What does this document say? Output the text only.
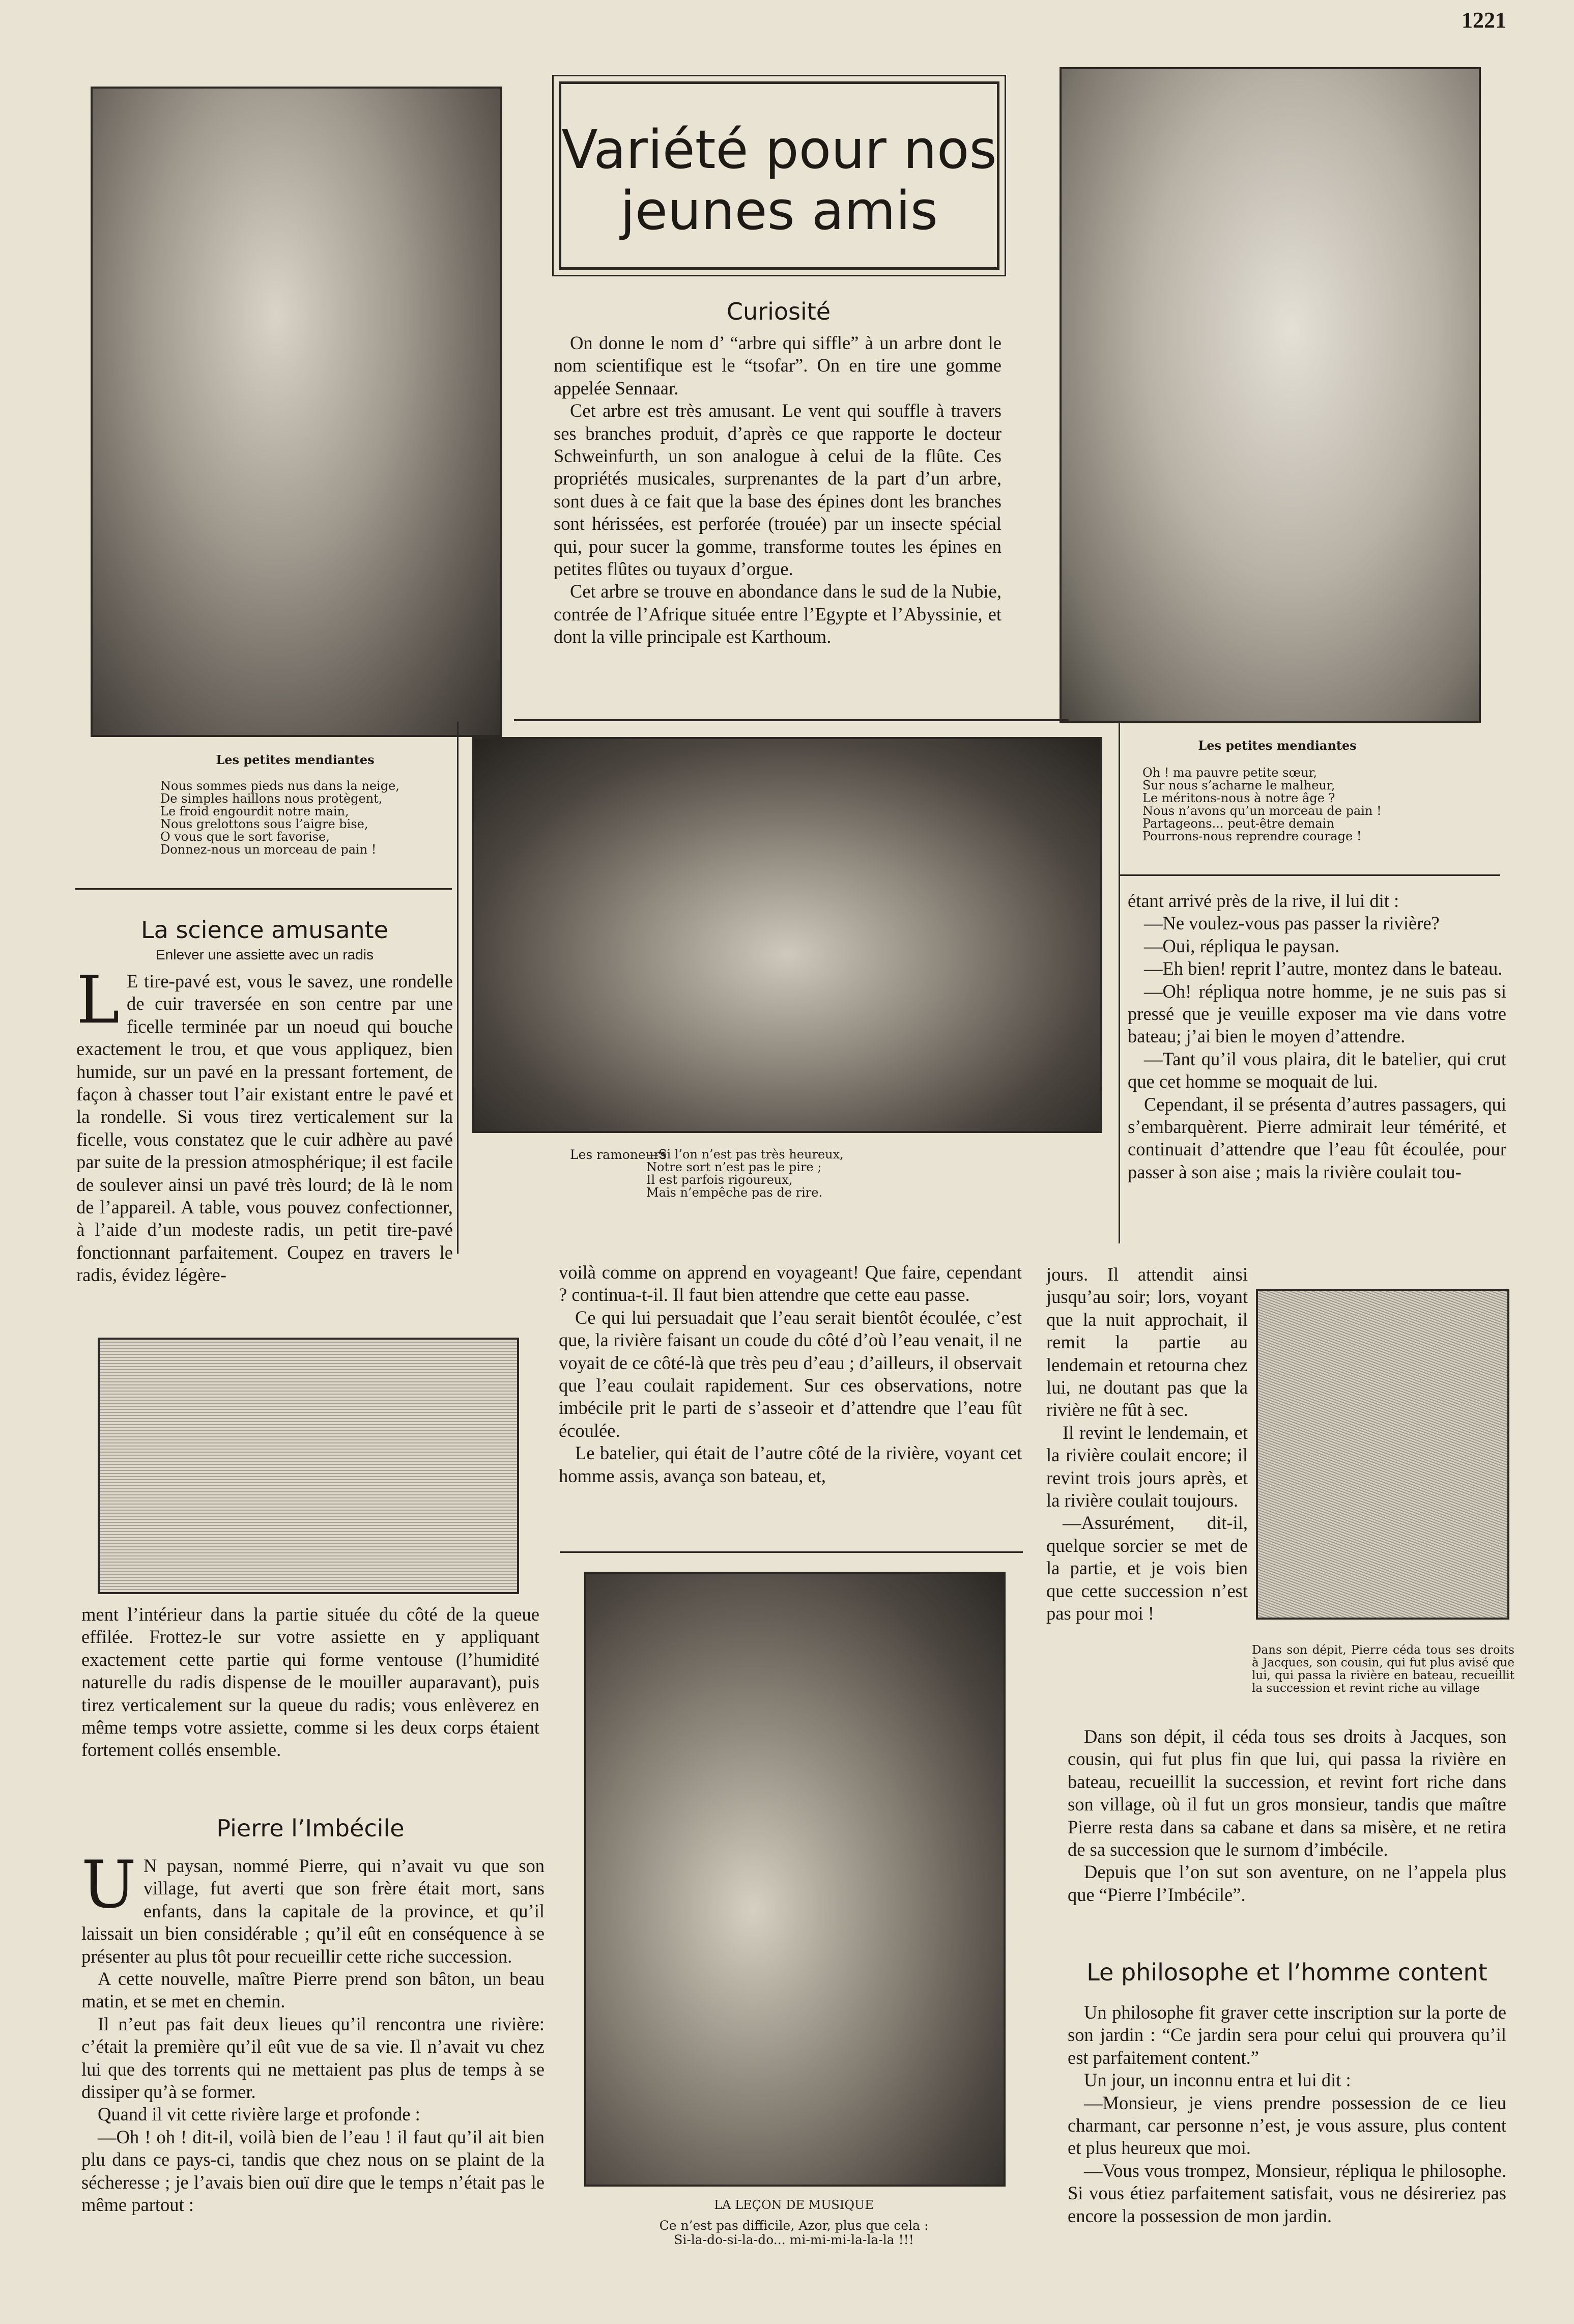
1221
Les petites mendiantes
Nous sommes pieds nus dans la neige,
De simples haillons nous protègent,
Le froid engourdit notre main,
Nous grelottons sous l’aigre bise,
O vous que le sort favorise,
Donnez-nous un morceau de pain !
Variété pour nos
jeunes amis
Curiosité

On donne le nom d’ “arbre qui siffle” à un arbre dont le nom scientifique est le “tsofar”. On en tire une gomme appelée Sennaar.

Cet arbre est très amusant. Le vent qui souffle à travers ses branches produit, d’après ce que rapporte le docteur Schweinfurth, un son analogue à celui de la flûte. Ces propriétés musicales, surprenantes de la part d’un arbre, sont dues à ce fait que la base des épines dont les branches sont hérissées, est perforée (trouée) par un insecte spécial qui, pour sucer la gomme, transforme toutes les épines en petites flûtes ou tuyaux d’orgue.

Cet arbre se trouve en abondance dans le sud de la Nubie, contrée de l’Afrique située entre l’Egypte et l’Abyssinie, et dont la ville principale est Karthoum.

Les petites mendiantes
Oh ! ma pauvre petite sœur,
Sur nous s’acharne le malheur,
Le méritons-nous à notre âge ?
Nous n’avons qu’un morceau de pain !
Partageons... peut-être demain
Pourrons-nous reprendre courage !
Les ramoneurs
—Si l’on n’est pas très heureux,
Notre sort n’est pas le pire ;
Il est parfois rigoureux,
Mais n’empêche pas de rire.
La science amusante
Enlever une assiette avec un radis
L E tire-pavé est, vous le savez, une rondelle de cuir traversée en son centre par une ficelle terminée par un noeud qui bouche exactement le trou, et que vous appliquez, bien humide, sur un pavé en la pressant fortement, de façon à chasser tout l’air existant entre le pavé et la rondelle. Si vous tirez verticalement sur la ficelle, vous constatez que le cuir adhère au pavé par suite de la pression atmosphérique; il est facile de soulever ainsi un pavé très lourd; de là le nom de l’appareil. A table, vous pouvez confectionner, à l’aide d’un modeste radis, un petit tire-pavé fonctionnant parfaitement. Coupez en travers le radis, évidez légère-

ment l’intérieur dans la partie située du côté de la queue effilée. Frottez-le sur votre assiette en y appliquant exactement cette partie qui forme ventouse (l’humidité naturelle du radis dispense de le mouiller auparavant), puis tirez verticalement sur la queue du radis; vous enlèverez en même temps votre assiette, comme si les deux corps étaient fortement collés ensemble.

Pierre l’Imbécile
U N paysan, nommé Pierre, qui n’avait vu que son village, fut averti que son frère était mort, sans enfants, dans la capitale de la province, et qu’il laissait un bien considérable ; qu’il eût en conséquence à se présenter au plus tôt pour recueillir cette riche succession.

A cette nouvelle, maître Pierre prend son bâton, un beau matin, et se met en chemin.

Il n’eut pas fait deux lieues qu’il rencontra une rivière: c’était la première qu’il eût vue de sa vie. Il n’avait vu chez lui que des torrents qui ne mettaient pas plus de temps à se dissiper qu’à se former.

Quand il vit cette rivière large et profonde :

—Oh ! oh ! dit-il, voilà bien de l’eau ! il faut qu’il ait bien plu dans ce pays-ci, tandis que chez nous on se plaint de la sécheresse ; je l’avais bien ouï dire que le temps n’était pas le même partout :

voilà comme on apprend en voyageant! Que faire, cependant ? continua-t-il. Il faut bien attendre que cette eau passe.

Ce qui lui persuadait que l’eau serait bientôt écoulée, c’est que, la rivière faisant un coude du côté d’où l’eau venait, il ne voyait de ce côté-là que très peu d’eau ; d’ailleurs, il observait que l’eau coulait rapidement. Sur ces observations, notre imbécile prit le parti de s’asseoir et d’attendre que l’eau fût écoulée.

Le batelier, qui était de l’autre côté de la rivière, voyant cet homme assis, avança son bateau, et,

LA LEÇON DE MUSIQUE
Ce n’est pas difficile, Azor, plus que cela :
Si-la-do-si-la-do... mi-mi-mi-la-la-la !!!

étant arrivé près de la rive, il lui dit :

—Ne voulez-vous pas passer la rivière?

—Oui, répliqua le paysan.

—Eh bien! reprit l’autre, montez dans le bateau.

—Oh! répliqua notre homme, je ne suis pas si pressé que je veuille exposer ma vie dans votre bateau; j’ai bien le moyen d’attendre.

—Tant qu’il vous plaira, dit le batelier, qui crut que cet homme se moquait de lui.

Cependant, il se présenta d’autres passagers, qui s’embarquèrent. Pierre admirait leur témérité, et continuait d’attendre que l’eau fût écoulée, pour passer à son aise ; mais la rivière coulait tou-

jours. Il attendit ainsi jusqu’au soir; lors, voyant que la nuit approchait, il remit la partie au lendemain et retourna chez lui, ne doutant pas que la rivière ne fût à sec.

Il revint le lendemain, et la rivière coulait encore; il revint trois jours après, et la rivière coulait toujours.

—Assurément, dit-il, quelque sorcier se met de la partie, et je vois bien que cette succession n’est pas pour moi !

Dans son dépit, Pierre céda tous ses droits à Jacques, son cousin, qui fut plus avisé que lui, qui passa la rivière en bateau, recueillit la succession et revint riche au village

Dans son dépit, il céda tous ses droits à Jacques, son cousin, qui fut plus fin que lui, qui passa la rivière en bateau, recueillit la succession, et revint fort riche dans son village, où il fut un gros monsieur, tandis que maître Pierre resta dans sa cabane et dans sa misère, et ne retira de sa succession que le surnom d’imbécile.

Depuis que l’on sut son aventure, on ne l’appela plus que “Pierre l’Imbécile”.

Le philosophe et l’homme content

Un philosophe fit graver cette inscription sur la porte de son jardin : “Ce jardin sera pour celui qui prouvera qu’il est parfaitement content.”

Un jour, un inconnu entra et lui dit :

—Monsieur, je viens prendre possession de ce lieu charmant, car personne n’est, je vous assure, plus content et plus heureux que moi.

—Vous vous trompez, Monsieur, répliqua le philosophe. Si vous étiez parfaitement satisfait, vous ne désireriez pas encore la possession de mon jardin.
